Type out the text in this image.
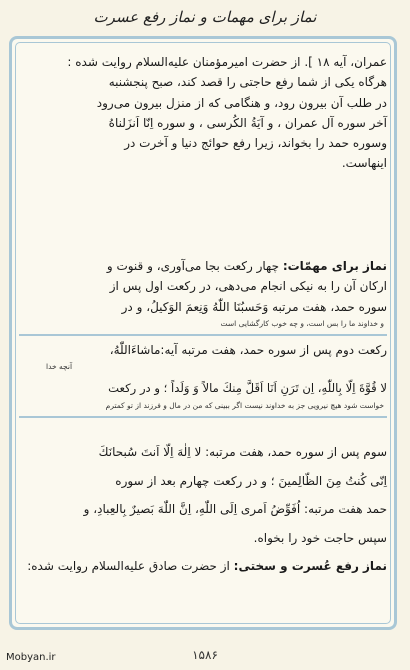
نماز برای مهمات و نماز رفع عسرت

عمران، آیه ۱۸ ]. از حضرت امیرمؤمنان عليه‌السلام روایت شده :

هرگاه یکی از شما رفع حاجتی را قصد کند، صبح پنجشنبه

در طلب آن بیرون رود، و هنگامی که از منزل بیرون می‌رود

آخر سوره آل عمران ، و آيَةُ الكُرسی ، و سوره اِنّا اَنزَلناهُ

وسوره حمد را بخواند، زیرا رفع حوائج دنیا و آخرت در

اینهاست.

نماز برای مهمّات: چهار رکعت بجا می‌آوری، و قنوت و

ارکان آن را به نیکی انجام می‌دهی، در رکعت اول پس از

سوره حمد، هفت مرتبه وَحَسبُنَا اللّٰهُ وَنِعمَ الوَكيلُ، و در

و خداوند ما را بس است، و چه خوب کارگشایی است

رکعت دوم پس از سوره حمد، هفت مرتبه آیه:ماشاءَاللّٰهُ،

آنچه خدا

لا قُوَّةَ اِلّا بِاللّٰهِ، اِن تَرَنِ اَنَا اَقَلَّ مِنكَ مالاً وَ وَلَداً ؛ و در رکعت

خواست شود هیچ نیرویی جز به خداوند نیست اگر ببینی که من در مال و فرزند از تو کمترم

سوم پس از سوره حمد، هفت مرتبه: لا اِلٰهَ اِلّا اَنتَ سُبحانَكَ

اِنّی كُنتُ مِنَ الظّالِمينَ ؛ و در رکعت چهارم بعد از سوره

حمد هفت مرتبه: اُفَوِّضُ اَمری اِلَی اللّٰهِ، اِنَّ اللّٰهَ بَصيرٌ بِالعِبادِ، و

سپس حاجت خود را بخواه.

نماز رفع عُسرت و سختی: از حضرت صادق عليه‌السلام روایت شده:

۱۵۸۶
Mobyan.ir
